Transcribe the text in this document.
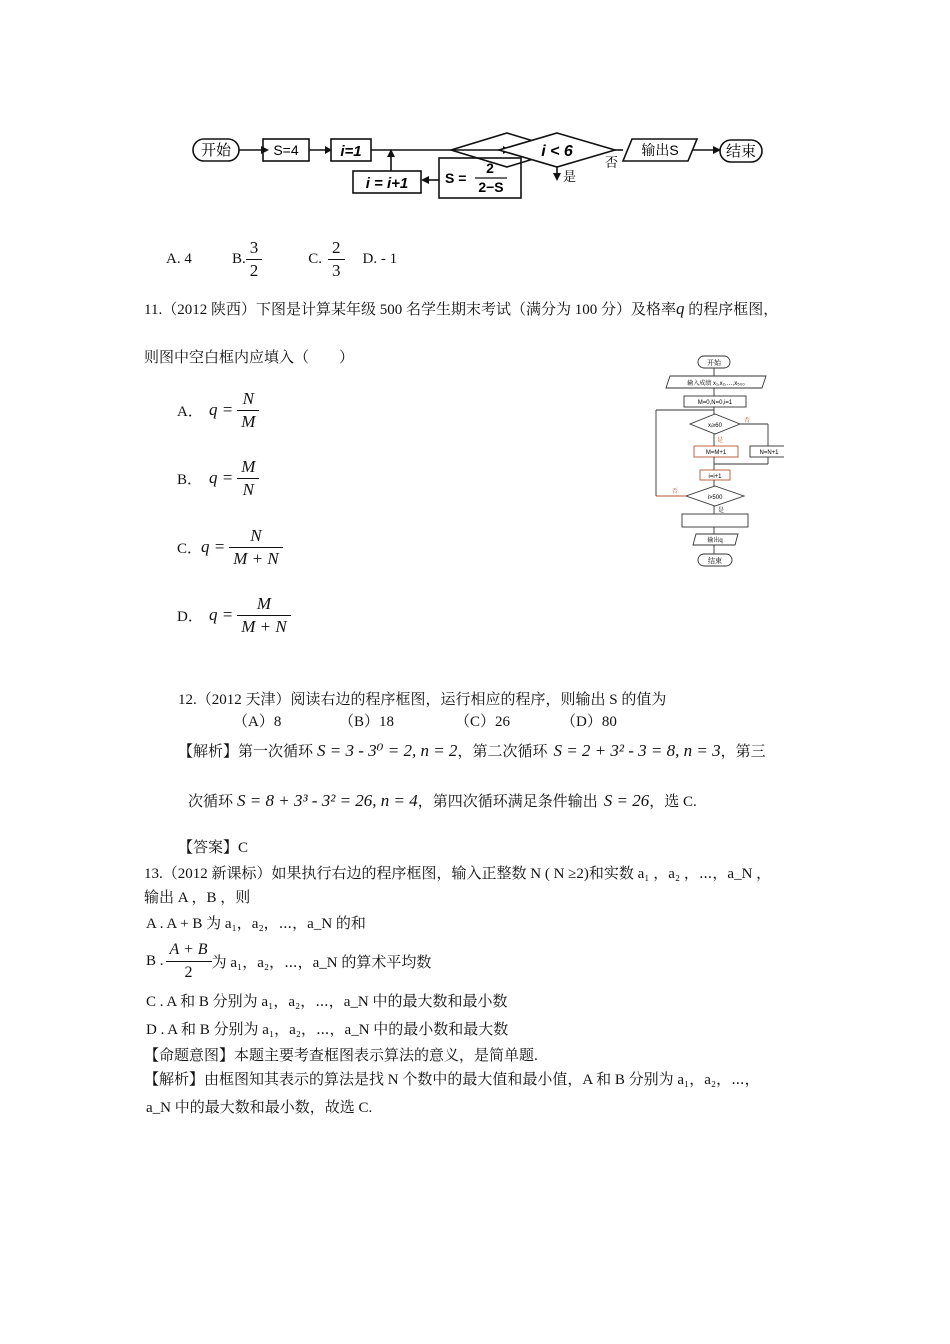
开始	S=4	i=1	i < 6
否
是
输出S	结束
i = i+1	S =
2
2−S
A. 4	B. $\frac{3}{2}$	C. $\frac{2}{3} D$. - 1
11.（2012 陕西）下图是计算某年级 500 名学生期末考试（满分为 100 分）及格率q 的程序框图，
则图中空白框内应填入（　　）
A． $q = \frac{N}{M}$
B． $q = \frac{M}{N}$
C．
$q = \frac{N}{M + N}$
D． $q = \frac{M}{M + N}$
开始
输入成绩 x₁,x₂,…,x₅₀₀
M=0,N=0,i=1
xᵢ≥60
否
是
M=M+1	N=N+1
i=i+1
i>500
否
是
输出q
结束
12.（2012 天津）阅读右边的程序框图，运行相应的程序，则输出 S 的值为
（A）8	（B）18	（C）26	（D）80
【解析】第一次循环 S = 3 - 3⁰ = 2, n = 2，第二次循环 S = 2 + 3² - 3 = 8, n = 3，第三
次循环 S = 8 + 3³ - 3² = 26, n = 4，第四次循环满足条件输出 S = 26，选 C.
【答案】C
13.（2012 新课标）如果执行右边的程序框图，输入正整数 N ( N ≥2)和实数 a₁ ，a₂ ，⋯，a_N ，
输出 A ，B ，则
A . A + B 为 a₁，a₂，⋯，a_N 的和
B . $\frac{A + B}{2}$ 为 a₁，a₂，⋯，a_N 的算术平均数
C . A 和 B 分别为 a₁，a₂，⋯，a_N 中的最大数和最小数
D . A 和 B 分别为 a₁，a₂，⋯，a_N 中的最小数和最大数
【命题意图】本题主要考查框图表示算法的意义，是简单题.
【解析】由框图知其表示的算法是找 N 个数中的最大值和最小值，A 和 B 分别为 a₁，a₂，⋯，
a_N 中的最大数和最小数，故选 C.
